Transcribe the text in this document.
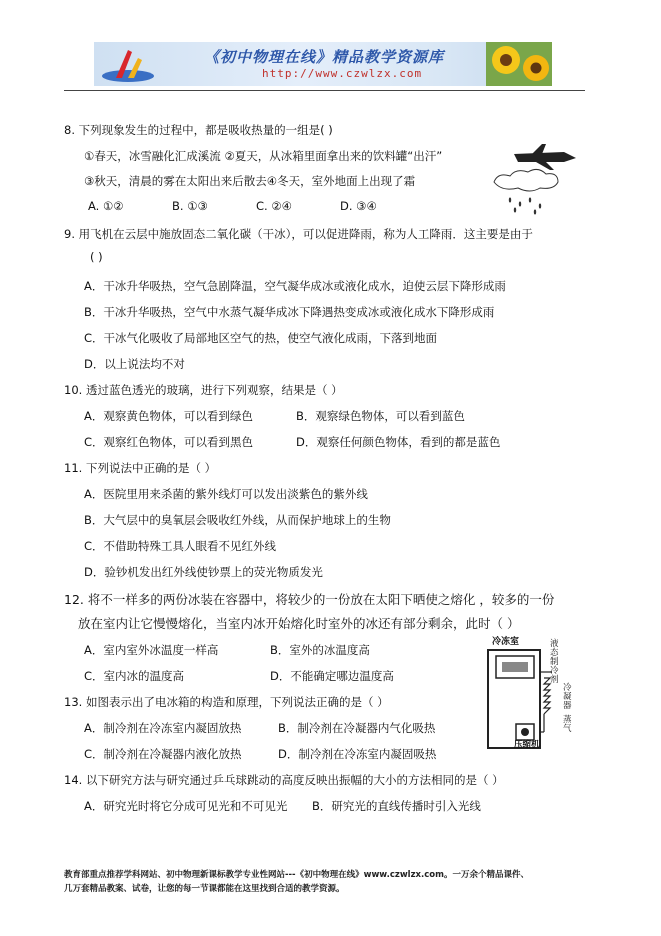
《初中物理在线》精品教学资源库
http://www.czwlzx.com
8. 下列现象发生的过程中，都是吸收热量的一组是( )
①春天，冰雪融化汇成溪流 ②夏天，从冰箱里面拿出来的饮料罐“出汗”
③秋天，清晨的雾在太阳出来后散去④冬天，室外地面上出现了霜
A. ①②	B. ①③	C. ②④	D. ③④
9. 用飞机在云层中施放固态二氧化碳（干冰），可以促进降雨，称为人工降雨．这主要是由于
( )
A．干冰升华吸热，空气急剧降温，空气凝华成冰或液化成水，迫使云层下降形成雨
B．干冰升华吸热，空气中水蒸气凝华成冰下降遇热变成冰或液化成水下降形成雨
C．干冰气化吸收了局部地区空气的热，使空气液化成雨，下落到地面
D．以上说法均不对
10. 透过蓝色透光的玻璃，进行下列观察，结果是（ ）
A．观察黄色物体，可以看到绿色	B．观察绿色物体，可以看到蓝色
C．观察红色物体，可以看到黑色	D．观察任何颜色物体，看到的都是蓝色
11. 下列说法中正确的是（ ）
A．医院里用来杀菌的紫外线灯可以发出淡紫色的紫外线
B．大气层中的臭氧层会吸收红外线，从而保护地球上的生物
C．不借助特殊工具人眼看不见红外线
D．验钞机发出红外线使钞票上的荧光物质发光
12. 将不一样多的两份冰装在容器中，将较少的一份放在太阳下晒使之熔化 ，较多的一份
放在室内让它慢慢熔化，当室内冰开始熔化时室外的冰还有部分剩余，此时（ ）
A．室内室外冰温度一样高	B．室外的冰温度高
C．室内冰的温度高	D．不能确定哪边温度高
冷冻室	液态制冷剂
冷凝器
蒸气
压缩机
13. 如图表示出了电冰箱的构造和原理，下列说法正确的是（ ）
A．制冷剂在冷冻室内凝固放热	B．制冷剂在冷凝器内气化吸热
C．制冷剂在冷凝器内液化放热	D．制冷剂在冷冻室内凝固吸热
14. 以下研究方法与研究通过乒乓球跳动的高度反映出振幅的大小的方法相同的是（ ）
A．研究光时将它分成可见光和不可见光 B．研究光的直线传播时引入光线
教育部重点推荐学科网站、初中物理新课标教学专业性网站---《初中物理在线》www.czwlzx.com。一万余个精品课件、
几万套精品教案、试卷，让您的每一节课都能在这里找到合适的教学资源。
